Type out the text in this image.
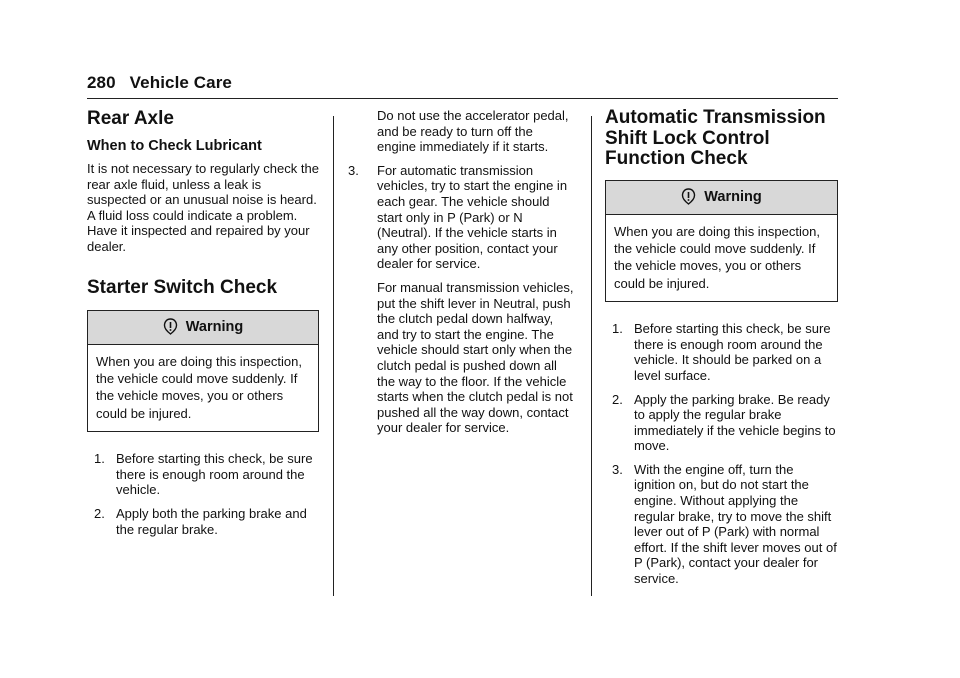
280 Vehicle Care
Rear Axle
When to Check Lubricant

It is not necessary to regularly check the rear axle fluid, unless a leak is suspected or an unusual noise is heard. A fluid loss could indicate a problem. Have it inspected and repaired by your dealer.

Starter Switch Check
Warning
When you are doing this inspection, the vehicle could move suddenly. If the vehicle moves, you or others could be injured.
1. Before starting this check, be sure there is enough room around the vehicle.
2. Apply both the parking brake and the regular brake.

Do not use the accelerator pedal, and be ready to turn off the engine immediately if it starts.

3. For automatic transmission vehicles, try to start the engine in each gear. The vehicle should start only in P (Park) or N (Neutral). If the vehicle starts in any other position, contact your dealer for service.

For manual transmission vehicles, put the shift lever in Neutral, push the clutch pedal down halfway, and try to start the engine. The vehicle should start only when the clutch pedal is pushed down all the way to the floor. If the vehicle starts when the clutch pedal is not pushed all the way down, contact your dealer for service.

Automatic Transmission Shift Lock Control Function Check
Warning
When you are doing this inspection, the vehicle could move suddenly. If the vehicle moves, you or others could be injured.
1. Before starting this check, be sure there is enough room around the vehicle. It should be parked on a level surface.
2. Apply the parking brake. Be ready to apply the regular brake immediately if the vehicle begins to move.
3. With the engine off, turn the ignition on, but do not start the engine. Without applying the regular brake, try to move the shift lever out of P (Park) with normal effort. If the shift lever moves out of P (Park), contact your dealer for service.
